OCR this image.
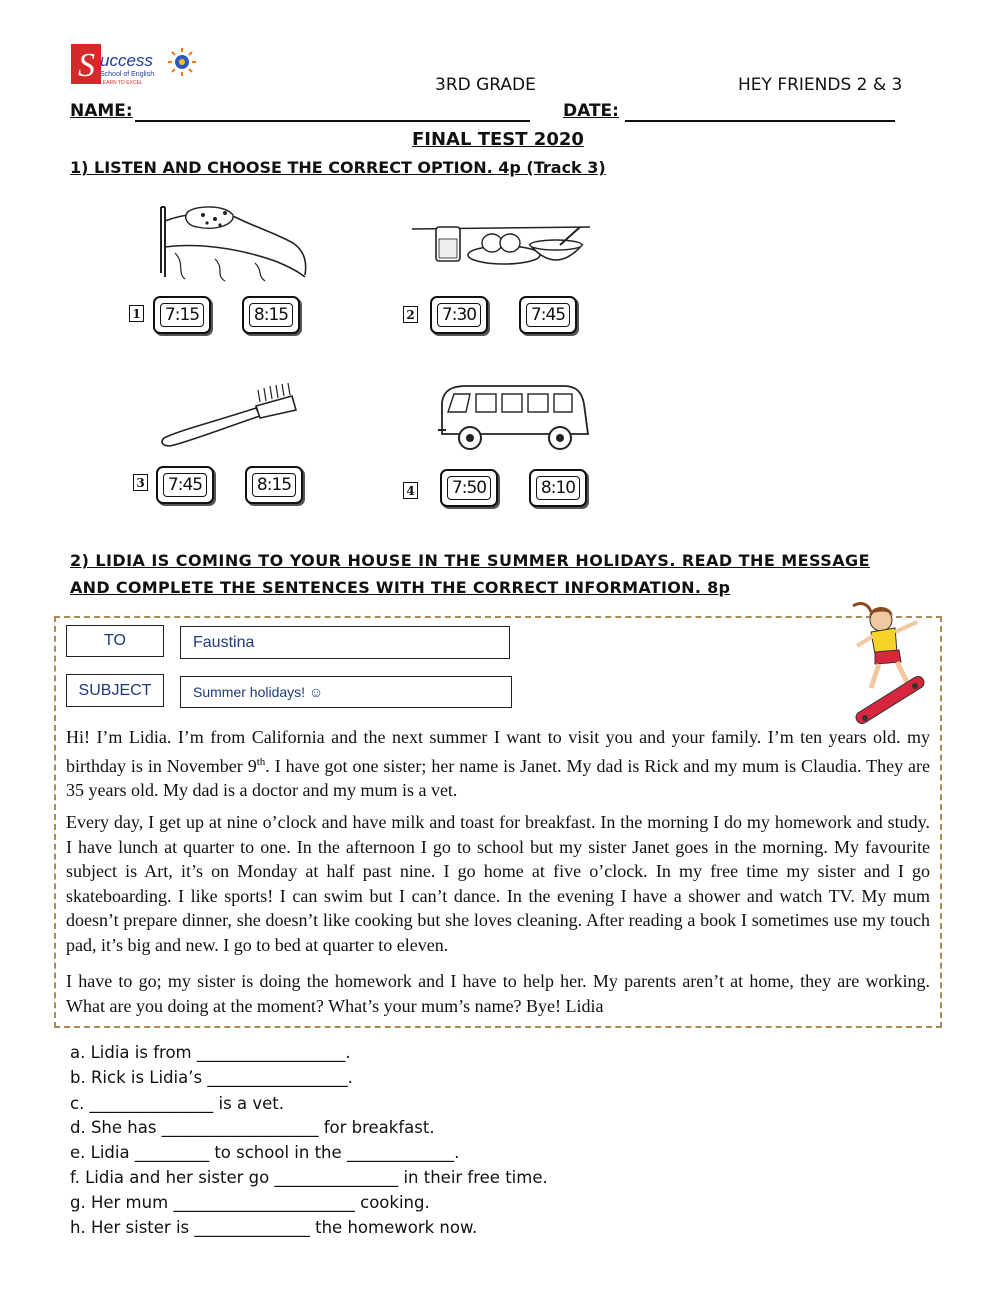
S uccess
School of English
LEARN TO EXCEL	3RD GRADE	HEY FRIENDS 2 & 3
NAME:	DATE:
FINAL TEST 2020
1) LISTEN AND CHOOSE THE CORRECT OPTION. 4p (Track 3)
1 7:15	8:15	2 7:30	7:45
3 7:45	8:15	4 7:50	8:10
2) LIDIA IS COMING TO YOUR HOUSE IN THE SUMMER HOLIDAYS. READ THE MESSAGE
AND COMPLETE THE SENTENCES WITH THE CORRECT INFORMATION. 8p
TO	Faustina
SUBJECT	Summer holidays! ☺
Hi! I’m Lidia. I’m from California and the next summer I want to visit you and your family. I’m ten years old. my birthday is in November 9th. I have got one sister; her name is Janet. My dad is Rick and my mum is Claudia. They are 35 years old. My dad is a doctor and my mum is a vet.
Every day, I get up at nine o’clock and have milk and toast for breakfast. In the morning I do my homework and study. I have lunch at quarter to one. In the afternoon I go to school but my sister Janet goes in the morning. My favourite subject is Art, it’s on Monday at half past nine. I go home at five o’clock. In my free time my sister and I go skateboarding. I like sports! I can swim but I can’t dance. In the evening I have a shower and watch TV. My mum doesn’t prepare dinner, she doesn’t like cooking but she loves cleaning. After reading a book I sometimes use my touch pad, it’s big and new. I go to bed at quarter to eleven.
I have to go; my sister is doing the homework and I have to help her. My parents aren’t at home, they are working. What are you doing at the moment? What’s your mum’s name? Bye! Lidia
a. Lidia is from __________________.
b. Rick is Lidia’s _________________.
c. _______________ is a vet.
d. She has ___________________ for breakfast.
e. Lidia _________ to school in the _____________.
f. Lidia and her sister go _______________ in their free time.
g. Her mum ______________________ cooking.
h. Her sister is ______________ the homework now.
